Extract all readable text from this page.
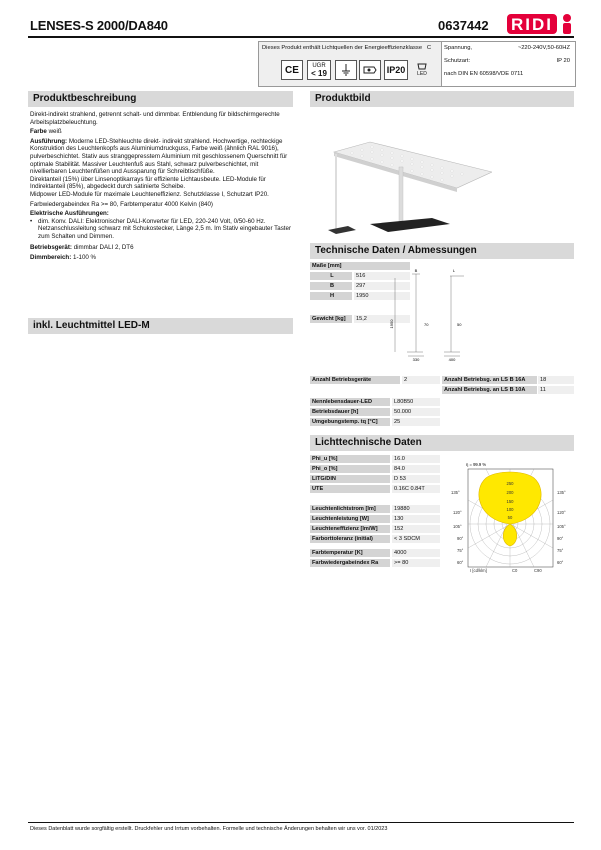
LENSES-S 2000/DA840	0637442 RIDI
Dieses Produkt enthält Lichtquellen der Energieeffizienzklasse C
CE	UGR
< 19	IP20	LED
Spannung,	~220-240V,50-60HZ
Schutzart:	IP 20
nach DIN EN 60598/VDE 0711
Produktbeschreibung	Produktbild
Direkt-indirekt strahlend, getrennt schalt- und dimmbar. Entblendung für bildschirmgerechte Arbeitsplatzbeleuchtung.
Farbe weiß
Ausführung: Moderne LED-Stehleuchte direkt- indirekt strahlend. Hochwertige, rechteckige Konstruktion des Leuchtenkopfs aus Aluminiumdruckguss, Farbe weiß (ähnlich RAL 9016), pulverbeschichtet. Stativ aus stranggepresstem Aluminium mit geschlossenem Querschnitt für optimale Stabilität. Massiver Leuchtenfuß aus Stahl, schwarz pulverbeschichtet, mit nivellierbaren Leuchtenfüßen und Aussparung für Schreibtischfüße.
Direktanteil (15%) über Linsenoptikarrays für effiziente Lichtausbeute. LED-Module für Indirektanteil (85%), abgedeckt durch satinierte Scheibe.
Midpower LED-Module für maximale Leuchteneffizienz. Schutzklasse I, Schutzart IP20.
Farbwiedergabeindex Ra >= 80, Farbtemperatur 4000 Kelvin (840)
Elektrische Ausführungen:
• dim. Konv. DALI: Elektronischer DALI-Konverter für LED, 220-240 Volt, 0/50-60 Hz. Netzanschlussleitung schwarz mit Schukostecker, Länge 2,5 m. Im Stativ eingebauter Taster zum Schalten und Dimmen.
Betriebsgerät: dimmbar DALI 2, DT6
Dimmbereich: 1-100 %
inkl. Leuchtmittel LED-M
Technische Daten / Abmessungen
Maße [mm]
L	516
B	297
H	1950
Gewicht [kg]	15,2
B	L
1950	70	50
330	400
Anzahl Betriebsgeräte	2	Anzahl Betriebsg. an LS B 16A	18
Anzahl Betriebsg. an LS B 10A	11
Nennlebensdauer-LED	L80B50
Betriebsdauer [h]	50.000
Umgebungstemp. tq [°C]	25
Lichttechnische Daten
Phi_u [%]	16.0
Phi_o [%]	84.0
LITG/DIN	D 53
UTE	0.16C 0.84T
Leuchtenlichtstrom [lm]	19880
Leuchtenleistung [W]	130
Leuchteneffizienz [lm/W]	152
Farborttoleranz (initial)	< 3 SDCM
Farbtemperatur [K]	4000
Farbwiedergabeindex Ra	>= 80
η = 99.9 %
250
200
150
100
50
135°	135°
120°	120°
105°	105°
90°	90°
75°	75°
60°	60°
I [cd/klm]	C0	C90
Dieses Datenblatt wurde sorgfältig erstellt. Druckfehler und Irrtum vorbehalten. Formelle und technische Änderungen behalten wir uns vor. 01/2023
